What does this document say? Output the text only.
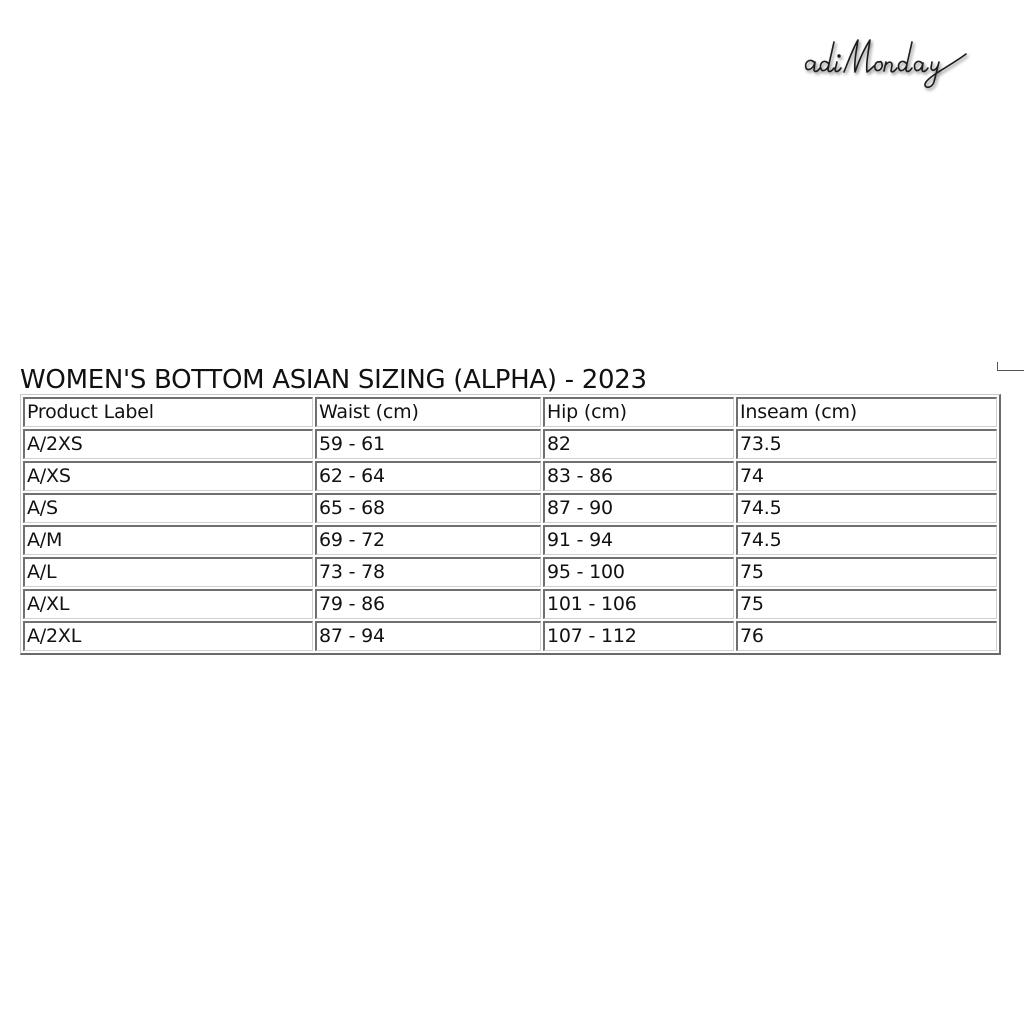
WOMEN'S BOTTOM ASIAN SIZING (ALPHA) - 2023
Product Label	Waist (cm)	Hip (cm)	Inseam (cm)
A/2XS	59 - 61	82	73.5
A/XS	62 - 64	83 - 86	74
A/S	65 - 68	87 - 90	74.5
A/M	69 - 72	91 - 94	74.5
A/L	73 - 78	95 - 100	75
A/XL	79 - 86	101 - 106	75
A/2XL	87 - 94	107 - 112	76
